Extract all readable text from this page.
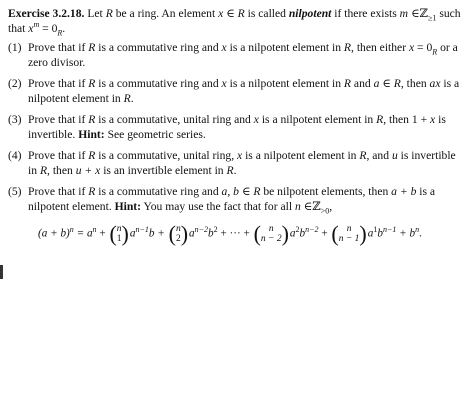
Exercise 3.2.18. Let R be a ring. An element x ∈ R is called nilpotent if there exists m ∈ℤ$_{\ge 1}$ such that $x^m = 0_R$.

(1) Prove that if R is a commutative ring and x is a nilpotent element in R, then either $x = 0_R$ or a zero divisor.
(2) Prove that if R is a commutative ring and x is a nilpotent element in R and a ∈ R, then ax is a nilpotent element in R.
(3) Prove that if R is a commutative, unital ring and x is a nilpotent element in R, then 1 + x is invertible. Hint: See geometric series.
(4) Prove that if R is a commutative, unital ring, x is a nilpotent element in R, and u is invertible in R, then u + x is an invertible element in R.
(5) Prove that if R is a commutative ring and a, b ∈ R be nilpotent elements, then a + b is a nilpotent element. Hint: You may use the fact that for all n ∈ℤ$_{>0}$,
$(a + b)^n = a^n$ + ( n
1 )$a^{n-1}b$ + ( n
2 )$a^{n-2}b^2$ + ··· + ( n
n − 2 )$a^2b^{n-2}$ + ( n
n − 1 )$a^1b^{n-1} + b^n$.
